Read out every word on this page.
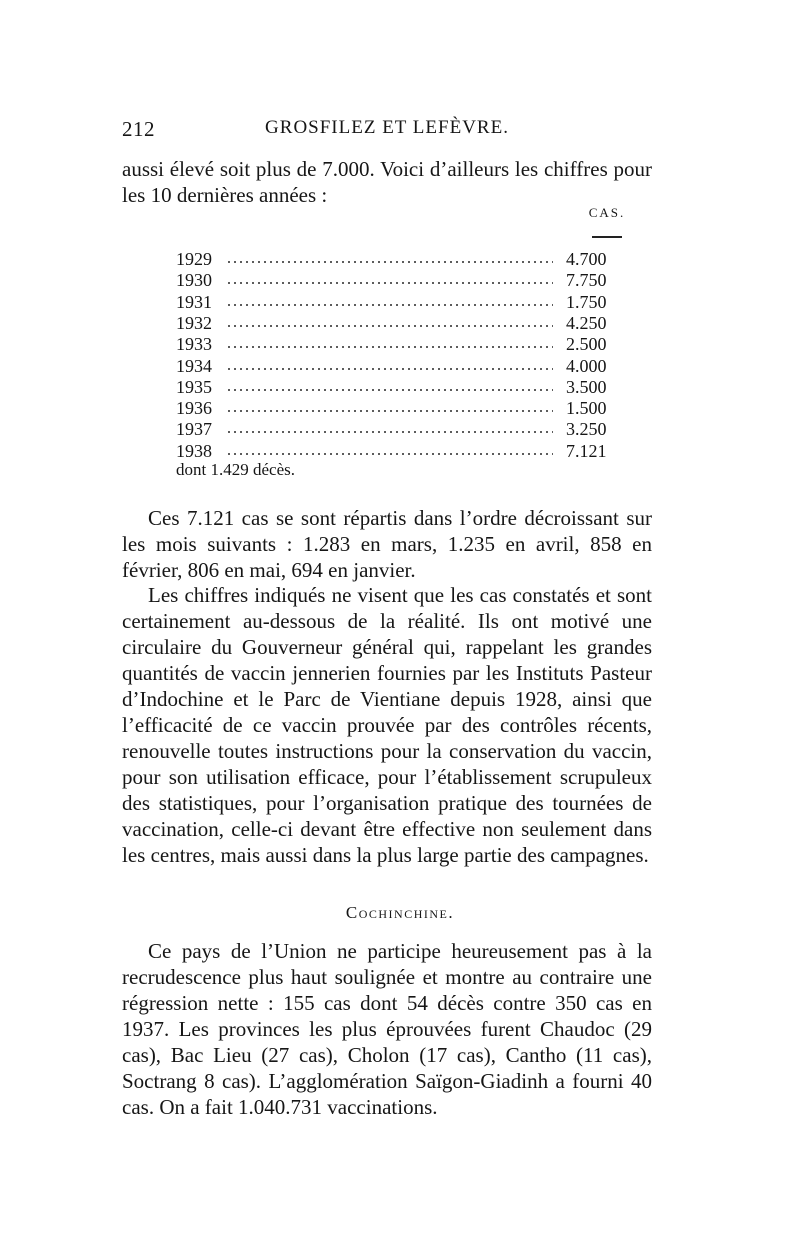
212	GROSFILEZ ET LEFÈVRE.
aussi élevé soit plus de 7.000. Voici d’ailleurs les chiffres pour les 10 dernières années :
CAS.
1929	4.700
1930	7.750
1931	1.750
1932	4.250
1933	2.500
1934	4.000
1935	3.500
1936	1.500
1937	3.250
1938	7.121
dont 1.429 décès.
Ces 7.121 cas se sont répartis dans l’ordre décroissant sur les mois suivants : 1.283 en mars, 1.235 en avril, 858 en février, 806 en mai, 694 en janvier.
Les chiffres indiqués ne visent que les cas constatés et sont certainement au-dessous de la réalité. Ils ont motivé une circulaire du Gouverneur général qui, rappelant les grandes quantités de vaccin jennerien fournies par les Instituts Pasteur d’Indochine et le Parc de Vientiane depuis 1928, ainsi que l’efficacité de ce vaccin prouvée par des contrôles récents, renouvelle toutes instructions pour la conservation du vaccin, pour son utilisation efficace, pour l’établissement scrupuleux des statistiques, pour l’organisation pratique des tournées de vaccination, celle-ci devant être effective non seulement dans les centres, mais aussi dans la plus large partie des campagnes.
Cochinchine.
Ce pays de l’Union ne participe heureusement pas à la recrudescence plus haut soulignée et montre au contraire une régression nette : 155 cas dont 54 décès contre 350 cas en 1937. Les provinces les plus éprouvées furent Chaudoc (29 cas), Bac Lieu (27 cas), Cholon (17 cas), Cantho (11 cas), Soctrang 8 cas). L’agglomération Saïgon-Giadinh a fourni 40 cas. On a fait 1.040.731 vaccinations.
